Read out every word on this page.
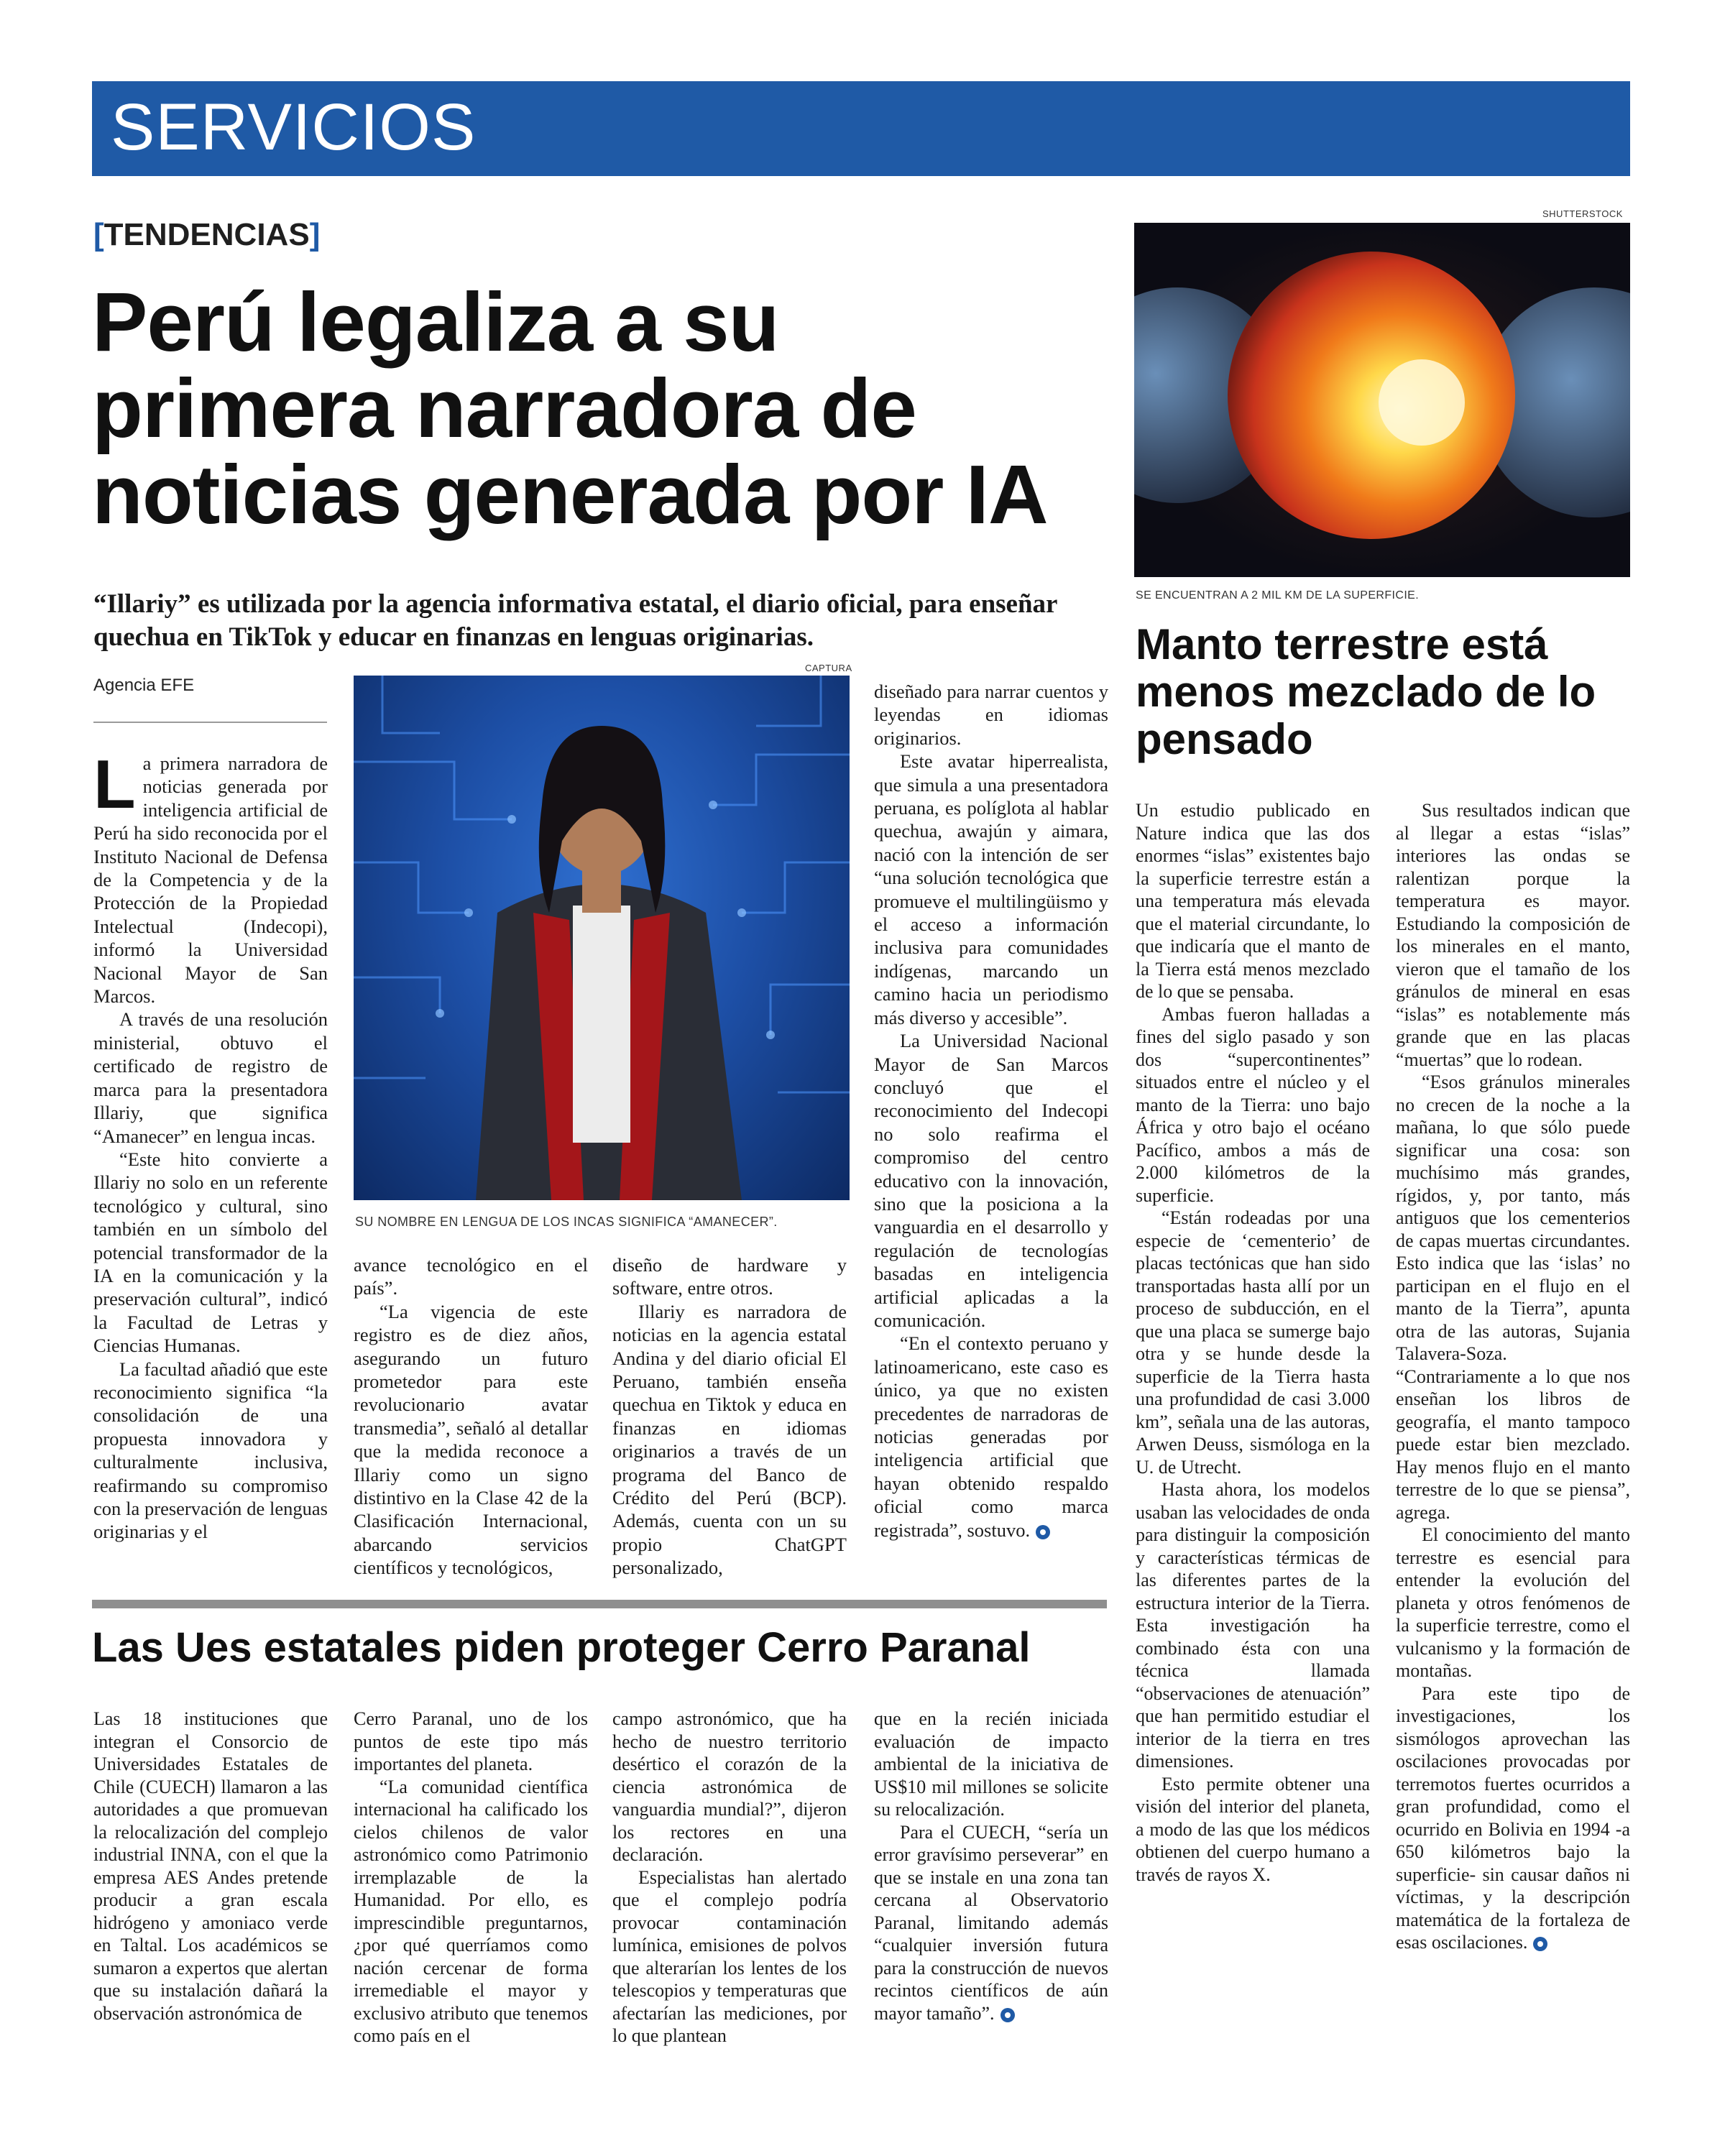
SERVICIOS
[TENDENCIAS]
Perú legaliza a su
primera narradora de
noticias generada por IA
“Illariy” es utilizada por la agencia informativa estatal, el diario oficial, para enseñar quechua en TikTok y educar en finanzas en lenguas originarias.
Agencia EFE
CAPTURA
SU NOMBRE EN LENGUA DE LOS INCAS SIGNIFICA “AMANECER”.

La primera narradora de noticias generada por inteligencia artificial de Perú ha sido reconocida por el Instituto Nacional de Defensa de la Competencia y de la Protección de la Propiedad Intelectual (Indecopi), informó la Universidad Nacional Mayor de San Marcos.

A través de una resolución ministerial, obtuvo el certificado de registro de marca para la presentadora Illariy, que significa “Amanecer” en lengua incas.

“Este hito convierte a Illariy no solo en un referente tecnológico y cultural, sino también en un símbolo del potencial transformador de la IA en la comunicación y la preservación cultural”, indicó la Facultad de Letras y Ciencias Humanas.

La facultad añadió que este reconocimiento significa “la consolidación de una propuesta innovadora y culturalmente inclusiva, reafirmando su compromiso con la preservación de lenguas originarias y el

avance tecnológico en el país”.

“La vigencia de este registro es de diez años, asegurando un futuro prometedor para este revolucionario avatar transmedia”, señaló al detallar que la medida reconoce a Illariy como un signo distintivo en la Clase 42 de la Clasificación Internacional, abarcando servicios científicos y tecnológicos,

diseño de hardware y software, entre otros.

Illariy es narradora de noticias en la agencia estatal Andina y del diario oficial El Peruano, también enseña quechua en Tiktok y educa en finanzas en idiomas originarios a través de un programa del Banco de Crédito del Perú (BCP). Además, cuenta con un su propio ChatGPT personalizado,

diseñado para narrar cuentos y leyendas en idiomas originarios.

Este avatar hiperrealista, que simula a una presentadora peruana, es políglota al hablar quechua, awajún y aimara, nació con la intención de ser “una solución tecnológica que promueve el multilingüismo y el acceso a información inclusiva para comunidades indígenas, marcando un camino hacia un periodismo más diverso y accesible”.

La Universidad Nacional Mayor de San Marcos concluyó que el reconocimiento del Indecopi no solo reafirma el compromiso del centro educativo con la innovación, sino que la posiciona a la vanguardia en el desarrollo y regulación de tecnologías basadas en inteligencia artificial aplicadas a la comunicación.

“En el contexto peruano y latinoamericano, este caso es único, ya que no existen precedentes de narradoras de noticias generadas por inteligencia artificial que hayan obtenido respaldo oficial como marca registrada”, sostuvo.

SHUTTERSTOCK
SE ENCUENTRAN A 2 MIL KM DE LA SUPERFICIE.
Manto terrestre está
menos mezclado de lo
pensado

Un estudio publicado en Nature indica que las dos enormes “islas” existentes bajo la superficie terrestre están a una temperatura más elevada que el material circundante, lo que indicaría que el manto de la Tierra está menos mezclado de lo que se pensaba.

Ambas fueron halladas a fines del siglo pasado y son dos “supercontinentes” situados entre el núcleo y el manto de la Tierra: uno bajo África y otro bajo el océano Pacífico, ambos a más de 2.000 kilómetros de la superficie.

“Están rodeadas por una especie de ‘cementerio’ de placas tectónicas que han sido transportadas hasta allí por un proceso de subducción, en el que una placa se sumerge bajo otra y se hunde desde la superficie de la Tierra hasta una profundidad de casi 3.000 km”, señala una de las autoras, Arwen Deuss, sismóloga en la U. de Utrecht.

Hasta ahora, los modelos usaban las velocidades de onda para distinguir la composición y características térmicas de las diferentes partes de la estructura interior de la Tierra. Esta investigación ha combinado ésta con una técnica llamada “observaciones de atenuación” que han permitido estudiar el interior de la tierra en tres dimensiones.

Esto permite obtener una visión del interior del planeta, a modo de las que los médicos obtienen del cuerpo humano a través de rayos X.

Sus resultados indican que al llegar a estas “islas” interiores las ondas se ralentizan porque la temperatura es mayor. Estudiando la composición de los minerales en el manto, vieron que el tamaño de los gránulos de mineral en esas “islas” es notablemente más grande que en las placas “muertas” que lo rodean.

“Esos gránulos minerales no crecen de la noche a la mañana, lo que sólo puede significar una cosa: son muchísimo más grandes, rígidos, y, por tanto, más antiguos que los cementerios de capas muertas circundantes. Esto indica que las ‘islas’ no participan en el flujo en el manto de la Tierra”, apunta otra de las autoras, Sujania Talavera-Soza. “Contrariamente a lo que nos enseñan los libros de geografía, el manto tampoco puede estar bien mezclado. Hay menos flujo en el manto terrestre de lo que se piensa”, agrega.

El conocimiento del manto terrestre es esencial para entender la evolución del planeta y otros fenómenos de la superficie terrestre, como el vulcanismo y la formación de montañas.

Para este tipo de investigaciones, los sismólogos aprovechan las oscilaciones provocadas por terremotos fuertes ocurridos a gran profundidad, como el ocurrido en Bolivia en 1994 -a 650 kilómetros bajo la superficie- sin causar daños ni víctimas, y la descripción matemática de la fortaleza de esas oscilaciones.

Las Ues estatales piden proteger Cerro Paranal

Las 18 instituciones que integran el Consorcio de Universidades Estatales de Chile (CUECH) llamaron a las autoridades a que promuevan la relocalización del complejo industrial INNA, con el que la empresa AES Andes pretende producir a gran escala hidrógeno y amoniaco verde en Taltal. Los académicos se sumaron a expertos que alertan que su instalación dañará la observación astronómica de

Cerro Paranal, uno de los puntos de este tipo más importantes del planeta.

“La comunidad científica internacional ha calificado los cielos chilenos de valor astronómico como Patrimonio irremplazable de la Humanidad. Por ello, es imprescindible preguntarnos, ¿por qué querríamos como nación cercenar de forma irremediable el mayor y exclusivo atributo que tenemos como país en el

campo astronómico, que ha hecho de nuestro territorio desértico el corazón de la ciencia astronómica de vanguardia mundial?”, dijeron los rectores en una declaración.

Especialistas han alertado que el complejo podría provocar contaminación lumínica, emisiones de polvos que alterarían los lentes de los telescopios y temperaturas que afectarían las mediciones, por lo que plantean

que en la recién iniciada evaluación de impacto ambiental de la iniciativa de US$10 mil millones se solicite su relocalización.

Para el CUECH, “sería un error gravísimo perseverar” en que se instale en una zona tan cercana al Observatorio Paranal, limitando además “cualquier inversión futura para la construcción de nuevos recintos científicos de aún mayor tamaño”.
